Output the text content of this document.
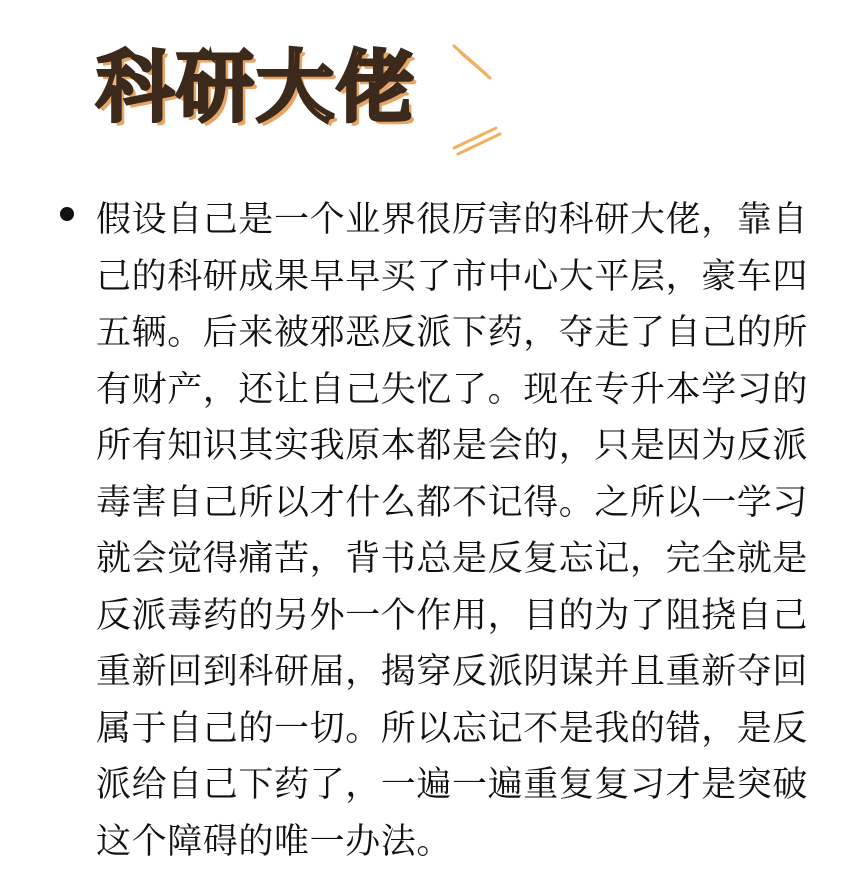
科研大佬
假设自己是一个业界很厉害的科研大佬，靠自
己的科研成果早早买了市中心大平层，豪车四
五辆。后来被邪恶反派下药，夺走了自己的所
有财产，还让自己失忆了。现在专升本学习的
所有知识其实我原本都是会的，只是因为反派
毒害自己所以才什么都不记得。之所以一学习
就会觉得痛苦，背书总是反复忘记，完全就是
反派毒药的另外一个作用，目的为了阻挠自己
重新回到科研届，揭穿反派阴谋并且重新夺回
属于自己的一切。所以忘记不是我的错，是反
派给自己下药了，一遍一遍重复复习才是突破
这个障碍的唯一办法。
